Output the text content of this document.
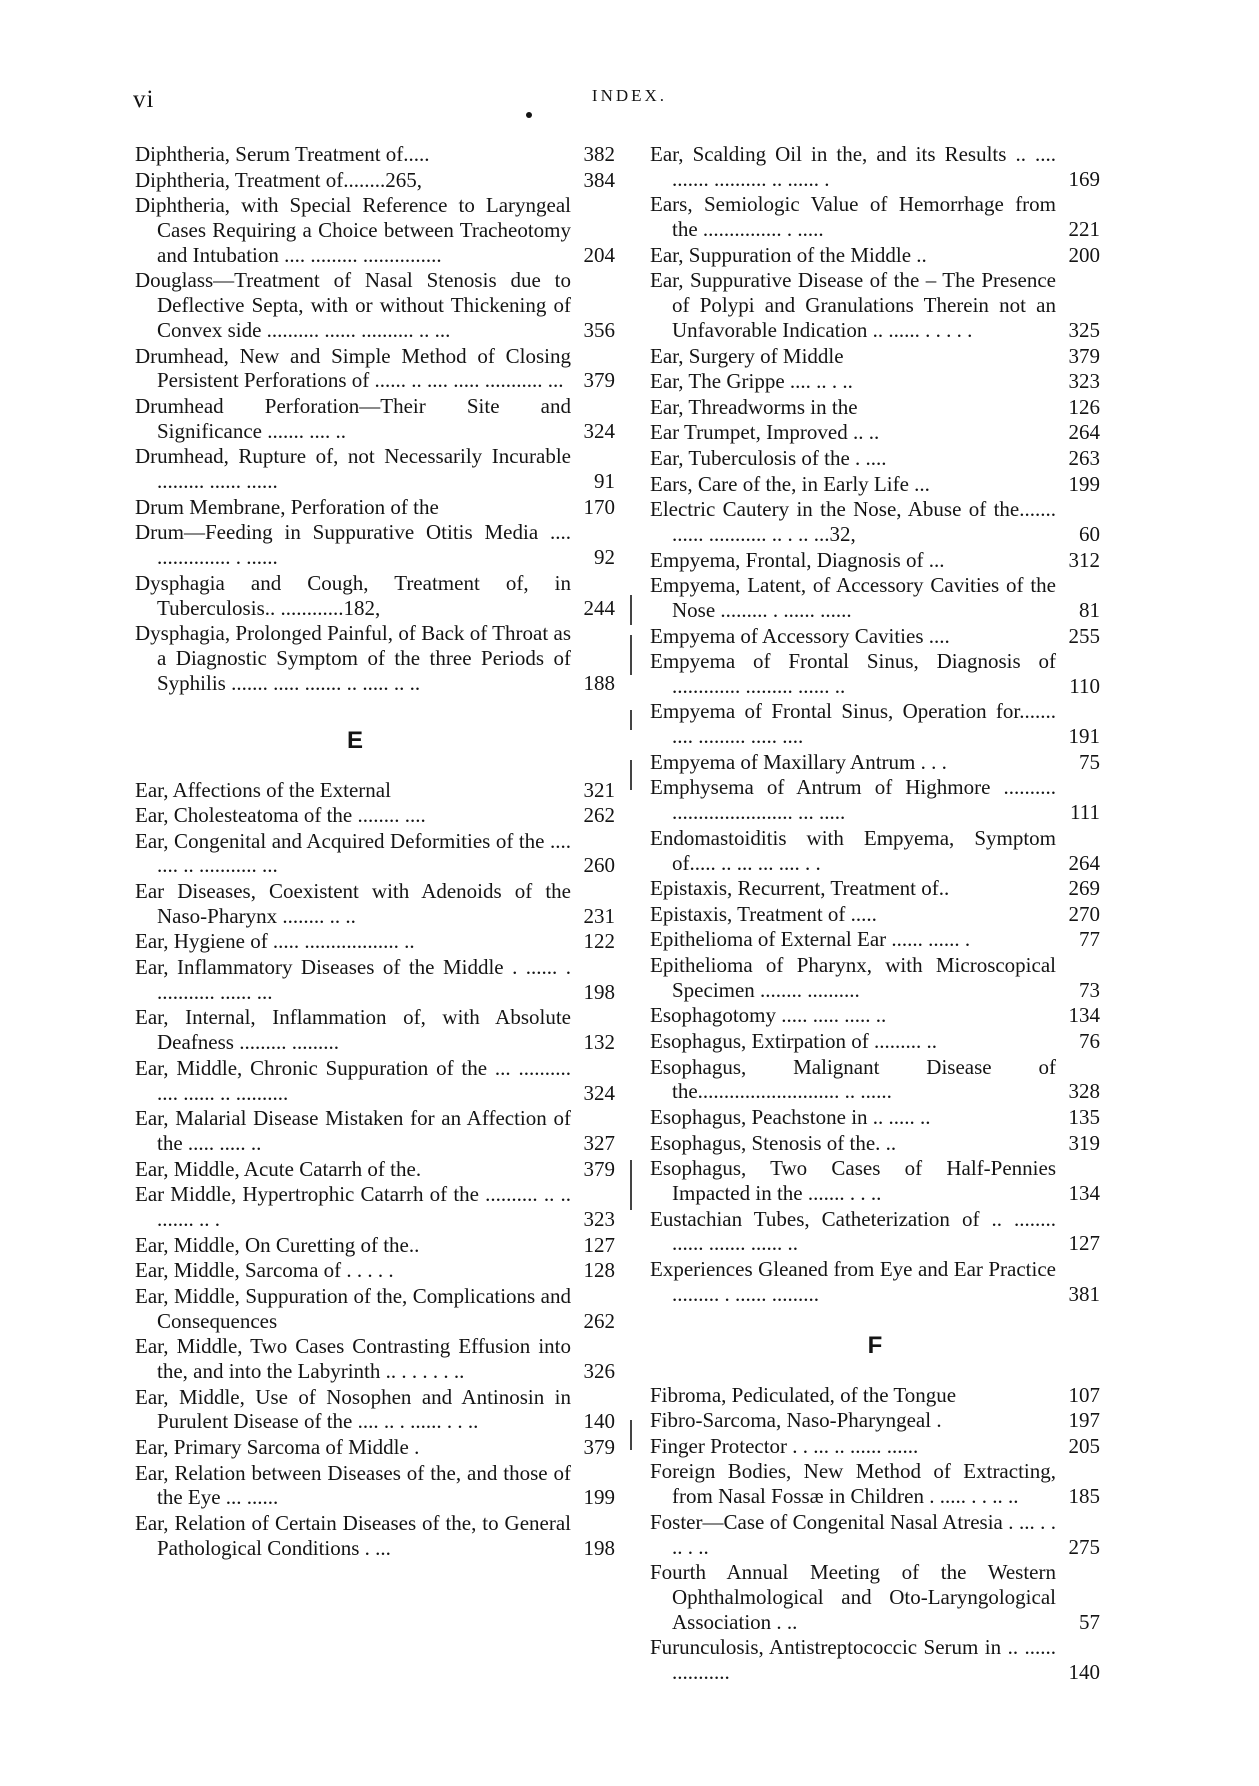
vi	INDEX.
Diphtheria, Serum Treatment of.....	382
Diphtheria, Treatment of........265,	384
Diphtheria, with Special Reference to Laryngeal Cases Requiring a Choice between Tracheotomy and Intubation .... ......... ...............	204
Douglass—Treatment of Nasal Stenosis due to Deflective Septa, with or without Thickening of Convex side .......... ...... .......... .. ...	356
Drumhead, New and Simple Method of Closing Persistent Perforations of ...... .. .... ..... ........... ... 379
Drumhead Perforation—Their Site and Significance ....... .... ..	324
Drumhead, Rupture of, not Necessarily Incurable ......... ...... ......	91
Drum Membrane, Perforation of the	170
Drum—Feeding in Suppurative Otitis Media .... .............. . ......	92
Dysphagia and Cough, Treatment of, in Tuberculosis.. ............182,	244
Dysphagia, Prolonged Painful, of Back of Throat as a Diagnostic Symptom of the three Periods of Syphilis ....... ..... ....... .. ..... .. ..	188
E
Ear, Affections of the External	321
Ear, Cholesteatoma of the ........ ....	262
Ear, Congenital and Acquired Deformities of the .... .... .. ........... ...	260
Ear Diseases, Coexistent with Adenoids of the Naso-Pharynx ........ .. ..	231
Ear, Hygiene of ..... .................. ..	122
Ear, Inflammatory Diseases of the Middle . ...... . ........... ...... ...	198
Ear, Internal, Inflammation of, with Absolute Deafness ......... .........	132
Ear, Middle, Chronic Suppuration of the ... .......... .... ...... .. ..........	324
Ear, Malarial Disease Mistaken for an Affection of the ..... ..... ..	327
Ear, Middle, Acute Catarrh of the.	379
Ear Middle, Hypertrophic Catarrh of the .......... .. .. ....... .. .	323
Ear, Middle, On Curetting of the..	127
Ear, Middle, Sarcoma of . . . . .	128
Ear, Middle, Suppuration of the, Complications and Consequences	262
Ear, Middle, Two Cases Contrasting Effusion into the, and into the Labyrinth .. . . . . . ..	326
Ear, Middle, Use of Nosophen and Antinosin in Purulent Disease of the .... .. . ...... . . ..	140
Ear, Primary Sarcoma of Middle .	379
Ear, Relation between Diseases of the, and those of the Eye ... ......	199
Ear, Relation of Certain Diseases of the, to General Pathological Conditions . ...	198
Ear, Scalding Oil in the, and its Results .. .... ....... .......... .. ...... .	169
Ears, Semiologic Value of Hemorrhage from the ............... . .....	221
Ear, Suppuration of the Middle ..	200
Ear, Suppurative Disease of the – The Presence of Polypi and Granulations Therein not an Unfavorable Indication .. ...... . . . . .	325
Ear, Surgery of Middle	379
Ear, The Grippe .... .. . ..	323
Ear, Threadworms in the	126
Ear Trumpet, Improved .. ..	264
Ear, Tuberculosis of the . ....	263
Ears, Care of the, in Early Life ...	199
Electric Cautery in the Nose, Abuse of the....... ...... ........... .. . .. ...32,	60
Empyema, Frontal, Diagnosis of ...	312
Empyema, Latent, of Accessory Cavities of the Nose ......... . ...... ......	81
Empyema of Accessory Cavities ....	255
Empyema of Frontal Sinus, Diagnosis of ............. ......... ...... ..	110
Empyema of Frontal Sinus, Operation for....... .... ......... ..... ....	191
Empyema of Maxillary Antrum . . .	75
Emphysema of Antrum of Highmore .......... ....................... ... .....	111
Endomastoiditis with Empyema, Symptom of..... .. ... ... .... . .	264
Epistaxis, Recurrent, Treatment of..	269
Epistaxis, Treatment of .....	270
Epithelioma of External Ear ...... ...... .	77
Epithelioma of Pharynx, with Microscopical Specimen ........ ..........	73
Esophagotomy ..... ..... ..... ..	134
Esophagus, Extirpation of ......... ..	76
Esophagus, Malignant Disease of the........................... .. ......	328
Esophagus, Peachstone in .. ..... ..	135
Esophagus, Stenosis of the. ..	319
Esophagus, Two Cases of Half-Pennies Impacted in the ....... . . ..	134
Eustachian Tubes, Catheterization of .. ........ ...... ....... ...... ..	127
Experiences Gleaned from Eye and Ear Practice ......... . ...... .........	381
F
Fibroma, Pediculated, of the Tongue	107
Fibro-Sarcoma, Naso-Pharyngeal .	197
Finger Protector . . ... .. ...... ......	205
Foreign Bodies, New Method of Extracting, from Nasal Fossæ in Children . ..... . . .. ..	185
Foster—Case of Congenital Nasal Atresia . ... . . .. . ..	275
Fourth Annual Meeting of the Western Ophthalmological and Oto-Laryngological Association . ..	57
Furunculosis, Antistreptococcic Serum in .. ...... ...........	140
